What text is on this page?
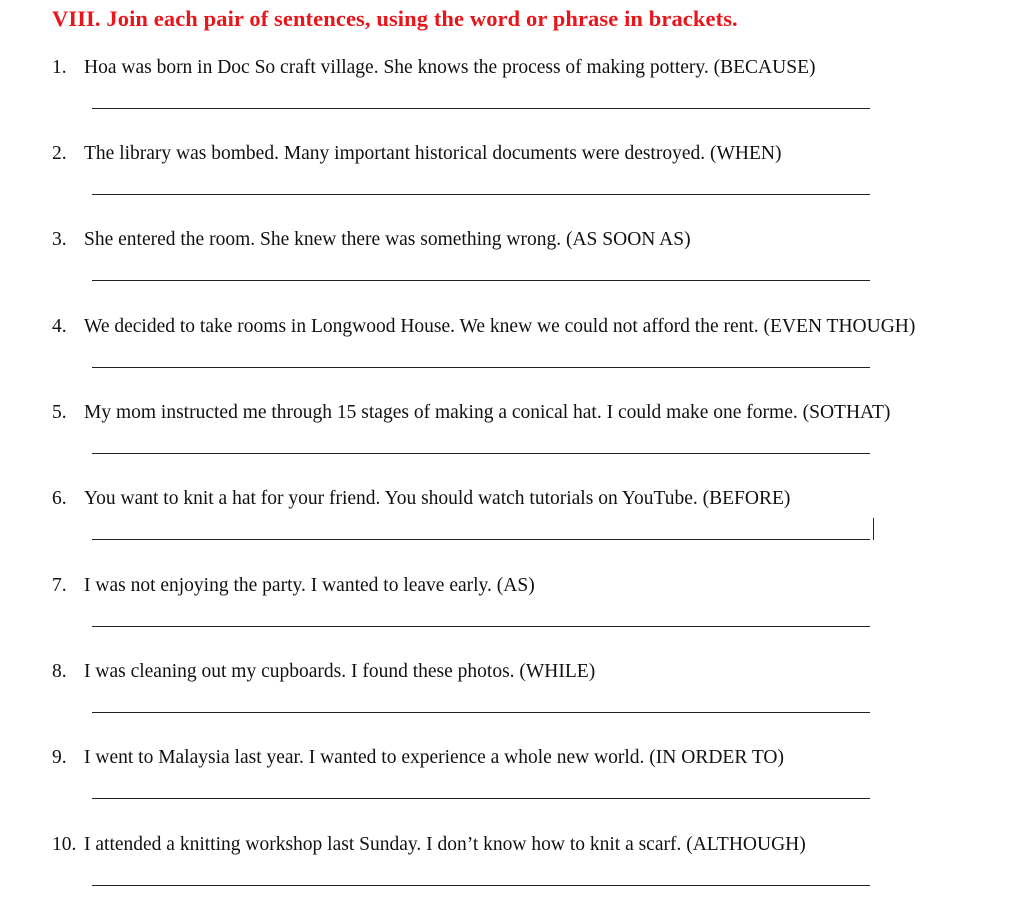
VIII. Join each pair of sentences, using the word or phrase in brackets.
1. Hoa was born in Doc So craft village. She knows the process of making pottery. (BECAUSE)
2. The library was bombed. Many important historical documents were destroyed. (WHEN)
3. She entered the room. She knew there was something wrong. (AS SOON AS)
4. We decided to take rooms in Longwood House. We knew we could not afford the rent. (EVEN THOUGH)
5. My mom instructed me through 15 stages of making a conical hat. I could make one forme. (SOTHAT)
6. You want to knit a hat for your friend. You should watch tutorials on YouTube. (BEFORE)
7. I was not enjoying the party. I wanted to leave early. (AS)
8. I was cleaning out my cupboards. I found these photos. (WHILE)
9. I went to Malaysia last year. I wanted to experience a whole new world. (IN ORDER TO)
10. I attended a knitting workshop last Sunday. I don’t know how to knit a scarf. (ALTHOUGH)
